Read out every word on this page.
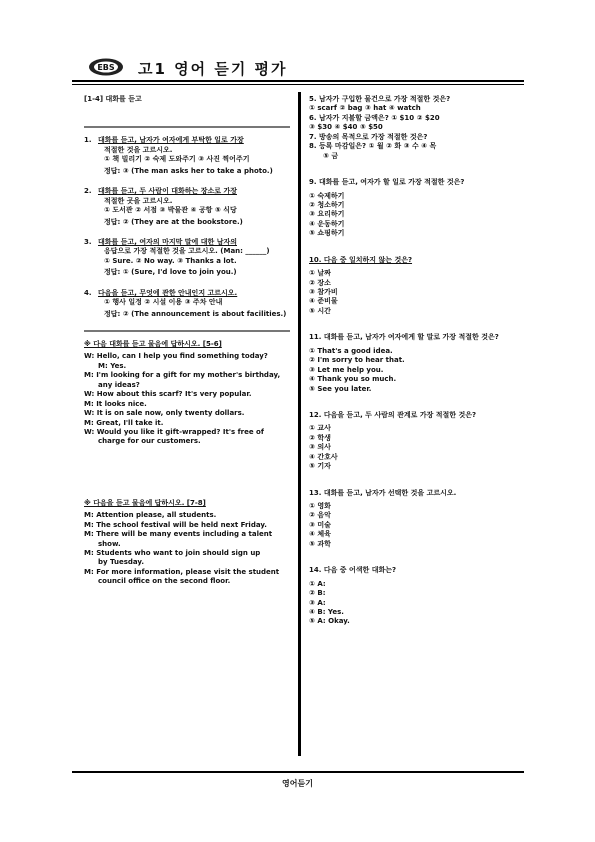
EBS 고1 영어 듣기 평가
[1-4] 대화를 듣고
1. 대화를 듣고, 남자가 여자에게 부탁한 일로 가장
적절한 것을 고르시오.
① 책 빌리기 ② 숙제 도와주기 ③ 사진 찍어주기
정답: ③ (The man asks her to take a photo.)
2. 대화를 듣고, 두 사람이 대화하는 장소로 가장
적절한 곳을 고르시오.
① 도서관 ② 서점 ③ 박물관 ④ 공항 ⑤ 식당
정답: ② (They are at the bookstore.)
3. 대화를 듣고, 여자의 마지막 말에 대한 남자의
응답으로 가장 적절한 것을 고르시오. (Man: ______)
① Sure. ② No way. ③ Thanks a lot.
정답: ① (Sure, I'd love to join you.)
4. 다음을 듣고, 무엇에 관한 안내인지 고르시오.
① 행사 일정 ② 시설 이용 ③ 주차 안내
정답: ② (The announcement is about facilities.)
※ 다음 대화를 듣고 물음에 답하시오. [5-6]
W: Hello, can I help you find something today?
M: Yes.
M: I'm looking for a gift for my mother's birthday,
any ideas?
W: How about this scarf? It's very popular.
M: It looks nice.
W: It is on sale now, only twenty dollars.
M: Great, I'll take it.
W: Would you like it gift-wrapped? It's free of
charge for our customers.
※ 다음을 듣고 물음에 답하시오. [7-8]
M: Attention please, all students.
M: The school festival will be held next Friday.
M: There will be many events including a talent
show.
M: Students who want to join should sign up
by Tuesday.
M: For more information, please visit the student
council office on the second floor.
5. 남자가 구입한 물건으로 가장 적절한 것은?
① scarf ② bag ③ hat ④ watch
6. 남자가 지불할 금액은? ① $10 ② $20
③ $30 ④ $40 ⑤ $50
7. 방송의 목적으로 가장 적절한 것은?
8. 등록 마감일은? ① 월 ② 화 ③ 수 ④ 목
⑤ 금
9. 대화를 듣고, 여자가 할 일로 가장 적절한 것은?
① 숙제하기
② 청소하기
③ 요리하기
④ 운동하기
⑤ 쇼핑하기
10. 다음 중 일치하지 않는 것은?
① 날짜
② 장소
③ 참가비
④ 준비물
⑤ 시간
11. 대화를 듣고, 남자가 여자에게 할 말로 가장 적절한 것은?
① That's a good idea.
② I'm sorry to hear that.
③ Let me help you.
④ Thank you so much.
⑤ See you later.
12. 다음을 듣고, 두 사람의 관계로 가장 적절한 것은?
① 교사
② 학생
③ 의사
④ 간호사
⑤ 기자
13. 대화를 듣고, 남자가 선택한 것을 고르시오.
① 영화
② 음악
③ 미술
④ 체육
⑤ 과학
14. 다음 중 어색한 대화는?
① A:
② B:
③ A:
④ B: Yes.
⑤ A: Okay.
영어듣기
